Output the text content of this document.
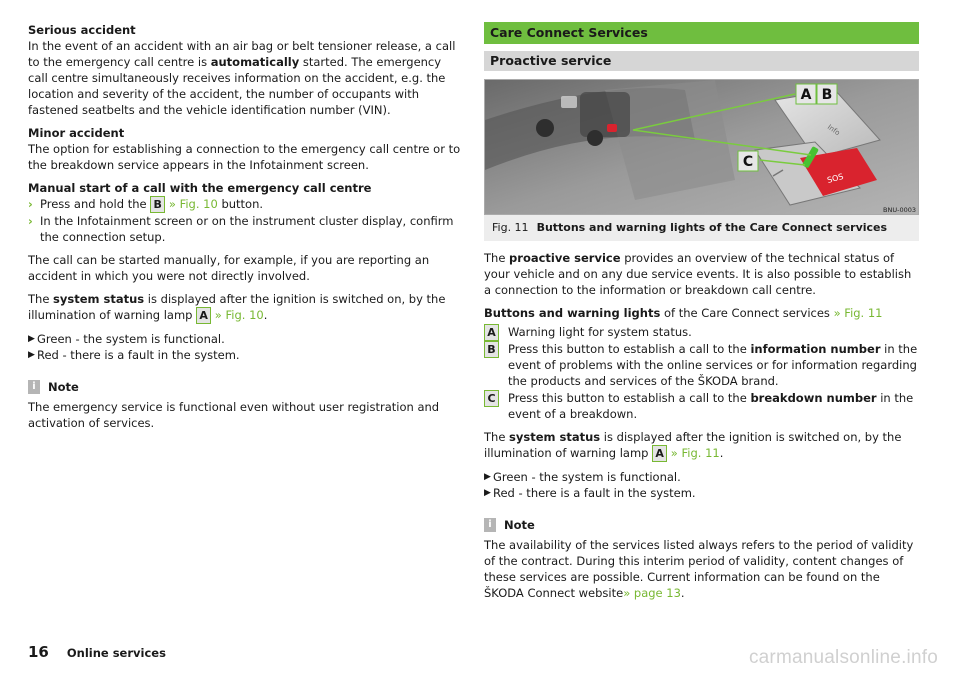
Serious accident
In the event of an accident with an air bag or belt tensioner release, a call to the emergency call centre is automatically started. The emergency call centre simultaneously receives information on the accident, e.g. the location and severity of the accident, the number of occupants with fastened seatbelts and the vehicle identification number (VIN).

Minor accident
The option for establishing a connection to the emergency call centre or to the breakdown service appears in the Infotainment screen.

Manual start of a call with the emergency call centre
› Press and hold the B » Fig. 10 button.
› In the Infotainment screen or on the instrument cluster display, confirm the connection setup.

The call can be started manually, for example, if you are reporting an accident in which you were not directly involved.

The system status is displayed after the ignition is switched on, by the illumination of warning lamp A » Fig. 10.

▶ Green - the system is functional.
▶ Red - there is a fault in the system.
i	Note

The emergency service is functional even without user registration and activation of services.

Care Connect Services
Proactive service
Info
SOS
A B
C
BNU-0003
Fig. 11 Buttons and warning lights of the Care Connect services

The proactive service provides an overview of the technical status of your vehicle and on any due service events. It is also possible to establish a connection to the information or breakdown call centre.

Buttons and warning lights of the Care Connect services » Fig. 11

A Warning light for system status.
B Press this button to establish a call to the information number in the event of problems with the online services or for information regarding the products and services of the ŠKODA brand.
C	Press this button to establish a call to the breakdown number in the event of a breakdown.

The system status is displayed after the ignition is switched on, by the illumination of warning lamp A » Fig. 11.

▶ Green - the system is functional.
▶ Red - there is a fault in the system.
i	Note

The availability of the services listed always refers to the period of validity of the contract. During this interim period of validity, content changes of these services are possible. Current information can be found on the ŠKODA Connect website» page 13.

16 Online services	carmanualsonline.info
